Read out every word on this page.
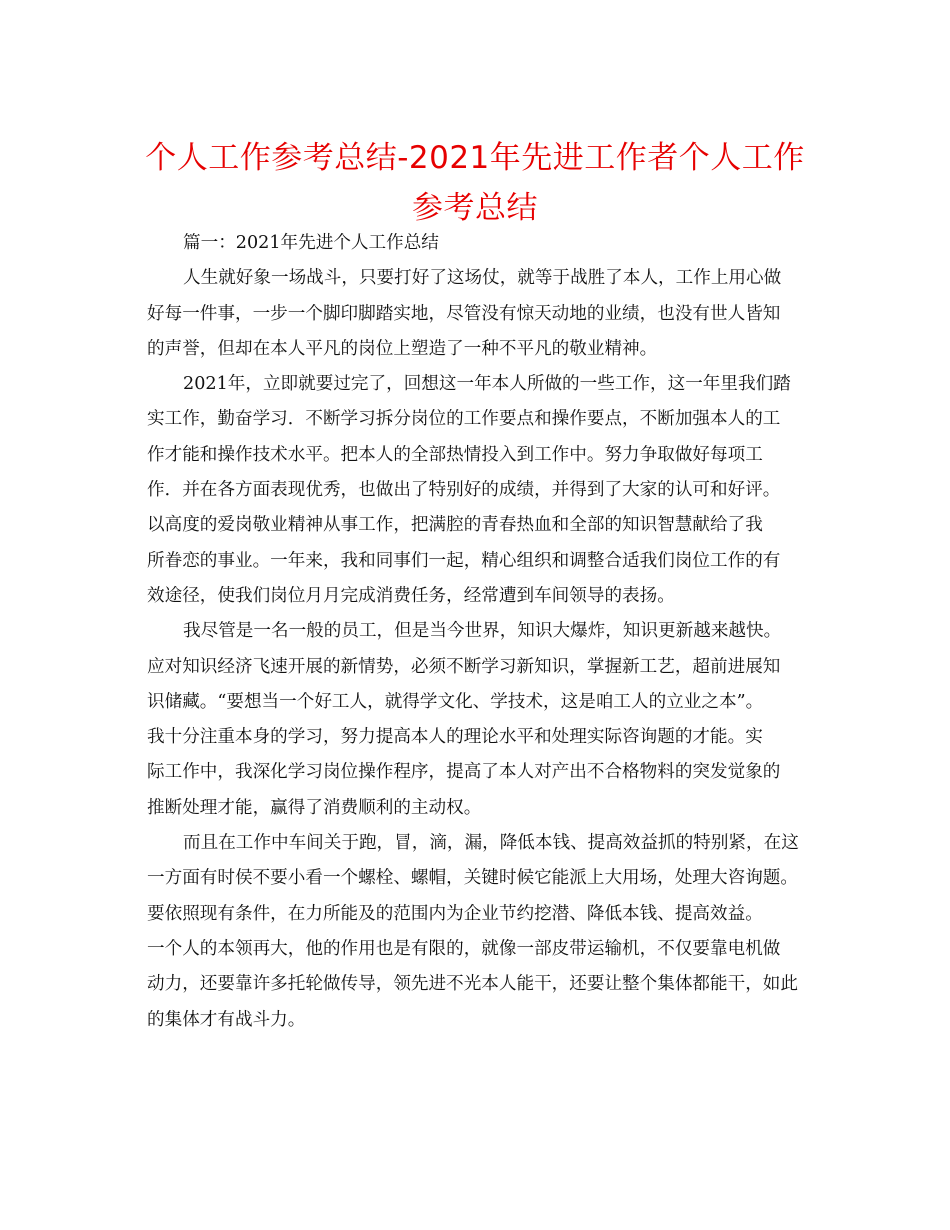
个人工作参考总结-2021年先进工作者个人工作
参考总结
篇一：2021年先进个人工作总结
人生就好象一场战斗，只要打好了这场仗，就等于战胜了本人，工作上用心做
好每一件事，一步一个脚印脚踏实地，尽管没有惊天动地的业绩，也没有世人皆知
的声誉，但却在本人平凡的岗位上塑造了一种不平凡的敬业精神。
2021年，立即就要过完了，回想这一年本人所做的一些工作，这一年里我们踏
实工作，勤奋学习．不断学习拆分岗位的工作要点和操作要点，不断加强本人的工
作才能和操作技术水平。把本人的全部热情投入到工作中。努力争取做好每项工
作．并在各方面表现优秀，也做出了特别好的成绩，并得到了大家的认可和好评。
以高度的爱岗敬业精神从事工作，把满腔的青春热血和全部的知识智慧献给了我
所眷恋的事业。一年来，我和同事们一起，精心组织和调整合适我们岗位工作的有
效途径，使我们岗位月月完成消费任务，经常遭到车间领导的表扬。
我尽管是一名一般的员工，但是当今世界，知识大爆炸，知识更新越来越快。
应对知识经济飞速开展的新情势，必须不断学习新知识，掌握新工艺，超前进展知
识储藏。“要想当一个好工人，就得学文化、学技术，这是咱工人的立业之本”。
我十分注重本身的学习，努力提高本人的理论水平和处理实际咨询题的才能。实
际工作中，我深化学习岗位操作程序，提高了本人对产出不合格物料的突发觉象的
推断处理才能，赢得了消费顺利的主动权。
而且在工作中车间关于跑，冒，滴，漏，降低本钱、提高效益抓的特别紧，在这
一方面有时侯不要小看一个螺栓、螺帽，关键时候它能派上大用场，处理大咨询题。
要依照现有条件，在力所能及的范围内为企业节约挖潜、降低本钱、提高效益。
一个人的本领再大，他的作用也是有限的，就像一部皮带运输机，不仅要靠电机做
动力，还要靠许多托轮做传导，领先进不光本人能干，还要让整个集体都能干，如此
的集体才有战斗力。
